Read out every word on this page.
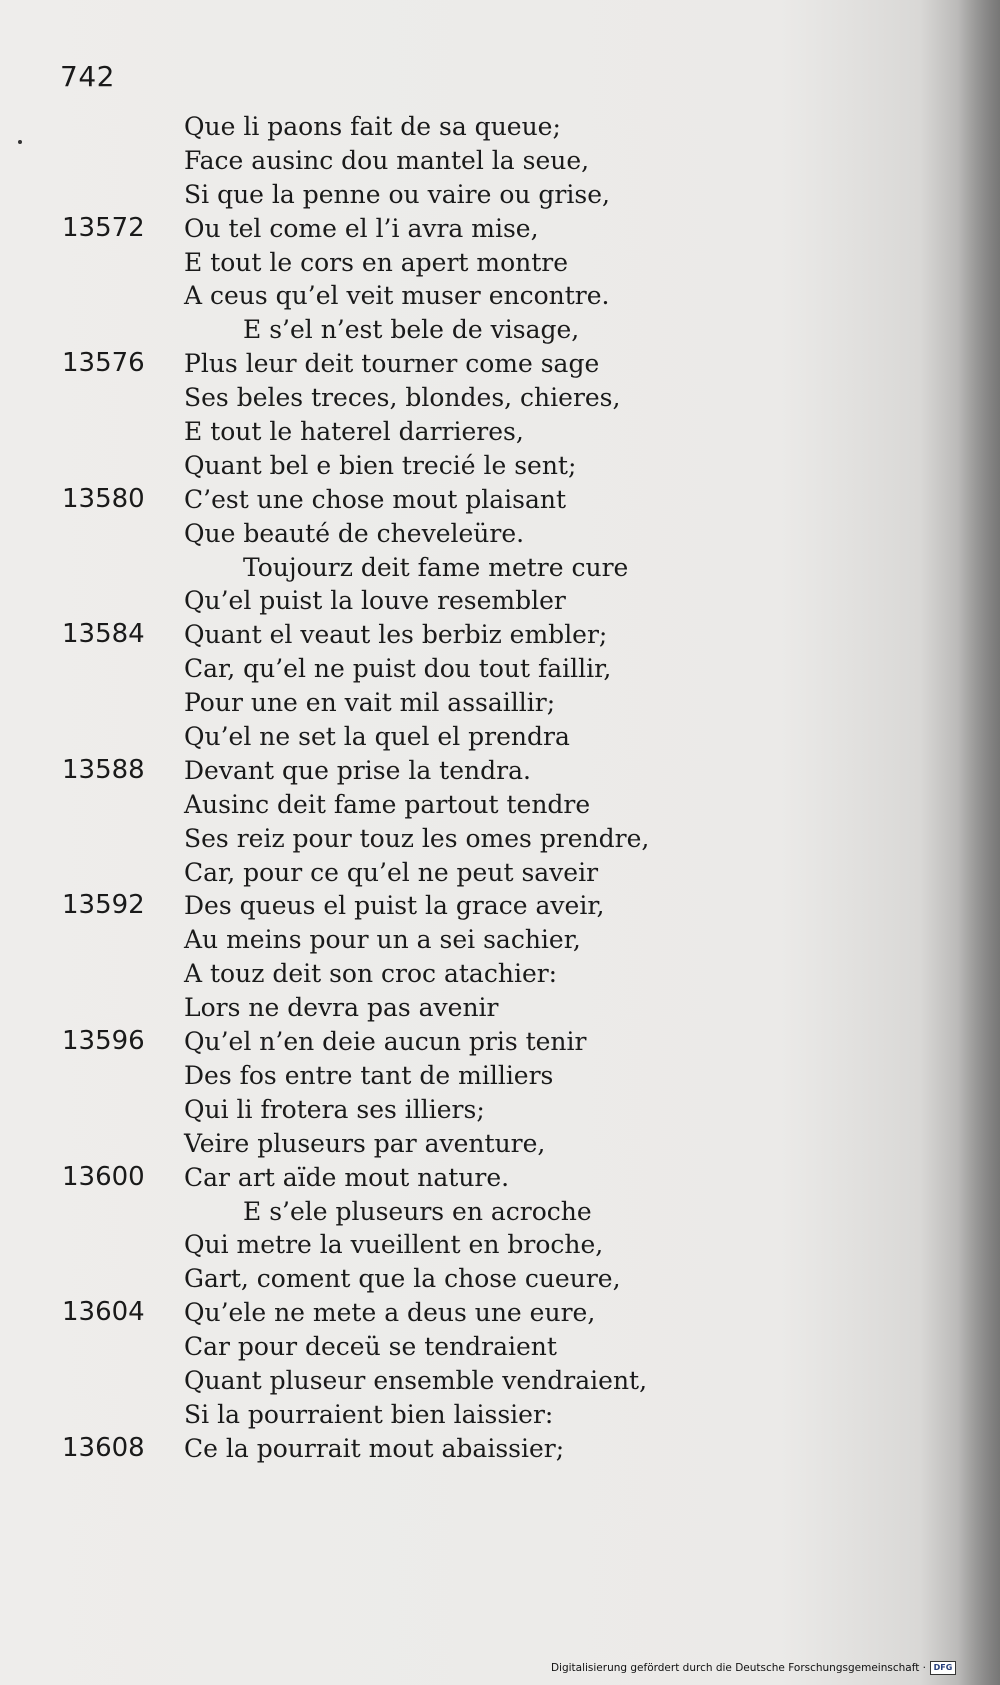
742
Que li paons fait de sa queue;
Face ausinc dou mantel la seue,
Si que la penne ou vaire ou grise,
13572	Ou tel come el l’i avra mise,
E tout le cors en apert montre
A ceus qu’el veit muser encontre.
E s’el n’est bele de visage,
13576	Plus leur deit tourner come sage
Ses beles treces, blondes, chieres,
E tout le haterel darrieres,
Quant bel e bien trecié le sent;
13580	C’est une chose mout plaisant
Que beauté de cheveleüre.
Toujourz deit fame metre cure
Qu’el puist la louve resembler
13584	Quant el veaut les berbiz embler;
Car, qu’el ne puist dou tout faillir,
Pour une en vait mil assaillir;
Qu’el ne set la quel el prendra
13588	Devant que prise la tendra.
Ausinc deit fame partout tendre
Ses reiz pour touz les omes prendre,
Car, pour ce qu’el ne peut saveir
13592	Des queus el puist la grace aveir,
Au meins pour un a sei sachier,
A touz deit son croc atachier:
Lors ne devra pas avenir
13596	Qu’el n’en deie aucun pris tenir
Des fos entre tant de milliers
Qui li frotera ses illiers;
Veire pluseurs par aventure,
13600	Car art aïde mout nature.
E s’ele pluseurs en acroche
Qui metre la vueillent en broche,
Gart, coment que la chose cueure,
13604	Qu’ele ne mete a deus une eure,
Car pour deceü se tendraient
Quant pluseur ensemble vendraient,
Si la pourraient bien laissier:
13608	Ce la pourrait mout abaissier;
Digitalisierung gefördert durch die Deutsche Forschungsgemeinschaft · DFG
